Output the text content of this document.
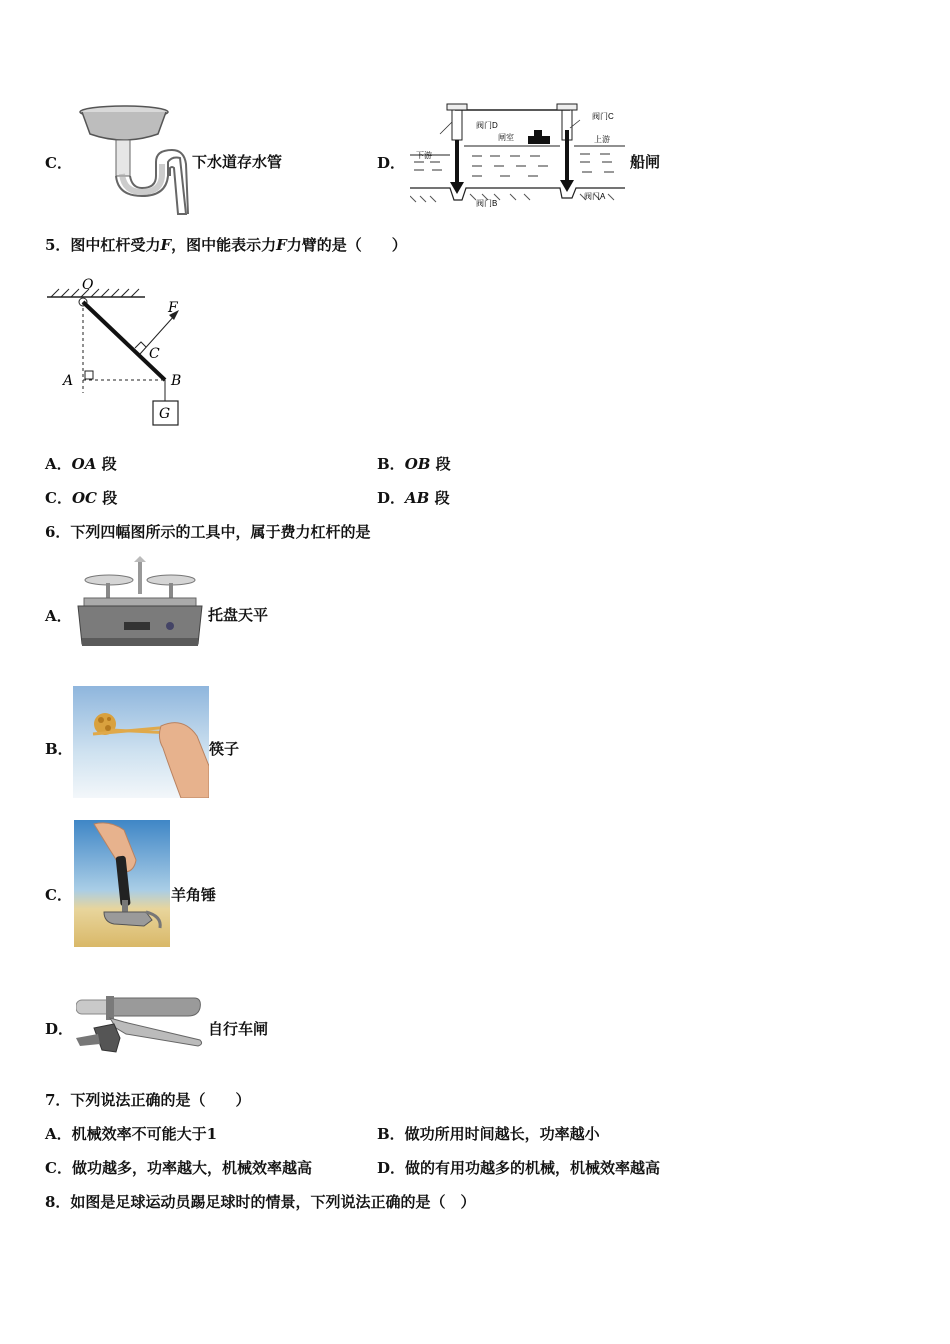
C．	下水道存水管	D．
阀门D
闸室
阀门C
上游
下游
阀门B
阀门A
船闸
5．图中杠杆受力F，图中能表示力F力臂的是（　　）
O
F
C
A	B
G
A．OA 段	B．OB 段
C．OC 段	D．AB 段
6．下列四幅图所示的工具中，属于费力杠杆的是
A．	托盘天平
B．	筷子
C．	羊角锤
D．	自行车闸
7．下列说法正确的是（　　）
A．机械效率不可能大于1	B．做功所用时间越长，功率越小
C．做功越多，功率越大，机械效率越高	D．做的有用功越多的机械，机械效率越高
8．如图是足球运动员踢足球时的情景，下列说法正确的是（　）
